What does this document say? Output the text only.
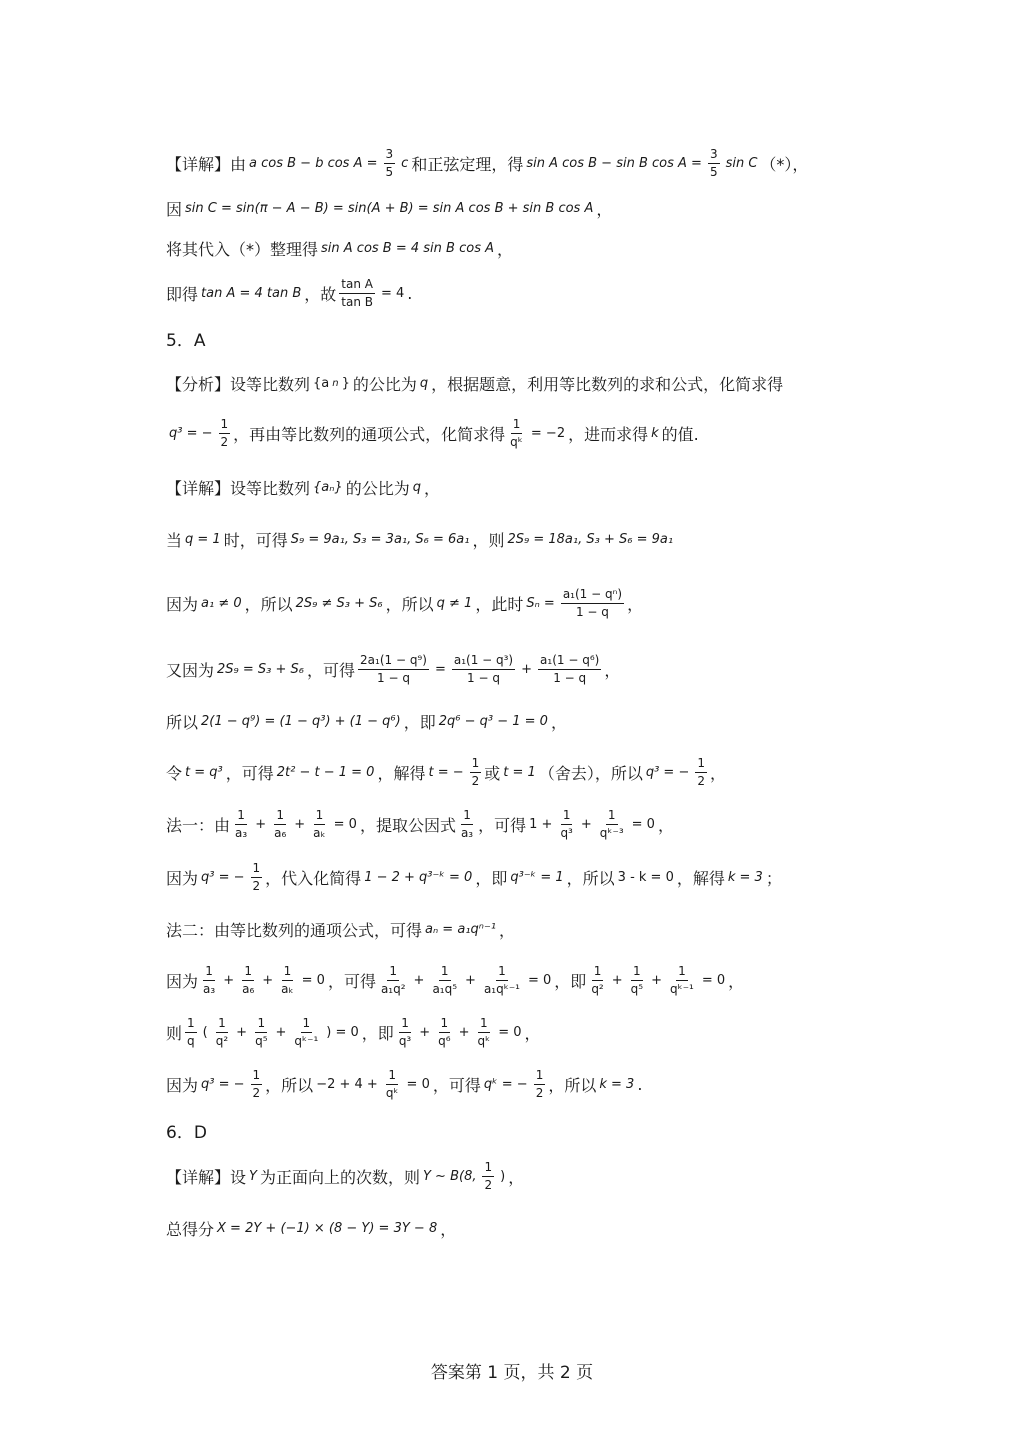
【详解】由 a cos B − b $\cos A = \frac{3}{5}$ c 和正弦定理，得 sin A cos B − sin B $\cos A = \frac{3}{5}$ sin C （*），
因 sin C = sin(π − A − B) = sin(A + B) = sin A cos B + sin B cos A ，
将其代入（*）整理得 sin A cos B = 4 sin B cos A ，
即得 tan A = 4 tan B ，故 $\frac{\text{tan A}}{\text{tan B}} = 4$ .
5．A
【分析】设等比数列 {a n } 的公比为 q ，根据题意，利用等比数列的求和公式，化简求得
q³ = − $\frac{1}{2}$ ，再由等比数列的通项公式，化简求得 $\frac{1}{\text{qᵏ}} = -2$ ，进而求得 k 的值.
【详解】设等比数列 {aₙ} 的公比为 q ，
当 q = 1 时，可得 S₉ = 9a₁, S₃ = 3a₁, S₆ = 6a₁ ，则 2S₉ = 18a₁, S₃ + S₆ = 9a₁
因为 a₁ ≠ 0 ，所以 2S₉ ≠ S₃ + S₆ ，所以 q ≠ 1 ，此时 $S_n = \frac{\text{a₁(1 − qⁿ)}}{1 - q}$ ，
又因为 2S₉ = S₃ + S₆ ，可得 $\frac{\text{2a₁(1 − q⁹)}}{1 - q} = \frac{\text{a₁(1 − q³)}}{1 - q} + \frac{\text{a₁(1 − q⁶)}}{1 - q}$ ，
所以 2(1 − q⁹) = (1 − q³) + (1 − q⁶) ，即 2q⁶ − q³ − 1 = 0 ，
令 t = q³ ，可得 2t² − t − 1 = 0 ，解得 t = − $\frac{1}{2}$ 或 t = 1 （舍去），所以 q³ = − $\frac{1}{2}$ ，
法一：由 $\frac{1}{\text{a₃}} + \frac{1}{\text{a₆}} + \frac{1}{\text{aₖ}} = 0$ ，提取公因式 $\frac{1}{\text{a₃}}$ ，可得 $1 + \frac{1}{\text{q³}} + \frac{1}{\text{qᵏ⁻³}} = 0$ ，
因为 q³ = − $\frac{1}{2}$ ，代入化简得 1 − 2 + q³⁻ᵏ = 0 ，即 q³⁻ᵏ = 1 ，所以 3 - k = 0 ，解得 k = 3 ；
法二：由等比数列的通项公式，可得 aₙ = a₁qⁿ⁻¹ ，
因为 $\frac{1}{\text{a₃}} + \frac{1}{\text{a₆}} + \frac{1}{\text{aₖ}} = 0$ ，可得 $\frac{1}{\text{a₁q²}} + \frac{1}{\text{a₁q⁵}} + \frac{1}{\text{a₁qᵏ⁻¹}} = 0$ ，即 $\frac{1}{\text{q²}} + \frac{1}{\text{q⁵}} + \frac{1}{\text{qᵏ⁻¹}} = 0$ ，
则 $\frac{1}{q}$ ( $\frac{1}{\text{q²}} + \frac{1}{\text{q⁵}} + \frac{1}{\text{qᵏ⁻¹}}$ ) = 0 ，即 $\frac{1}{\text{q³}} + \frac{1}{\text{q⁶}} + \frac{1}{\text{qᵏ}} = 0$ ，
因为 q³ = − $\frac{1}{2}$ ，所以 $-2 + 4 + \frac{1}{\text{qᵏ}} = 0$ ，可得 qᵏ = − $\frac{1}{2}$ ，所以 k = 3 .
6．D
【详解】设 Y 为正面向上的次数，则 Y ~ B(8, $\frac{1}{2}$ ) ，
总得分 X = 2Y + (−1) × (8 − Y) = 3Y − 8 ，
答案第 1 页，共 2 页
